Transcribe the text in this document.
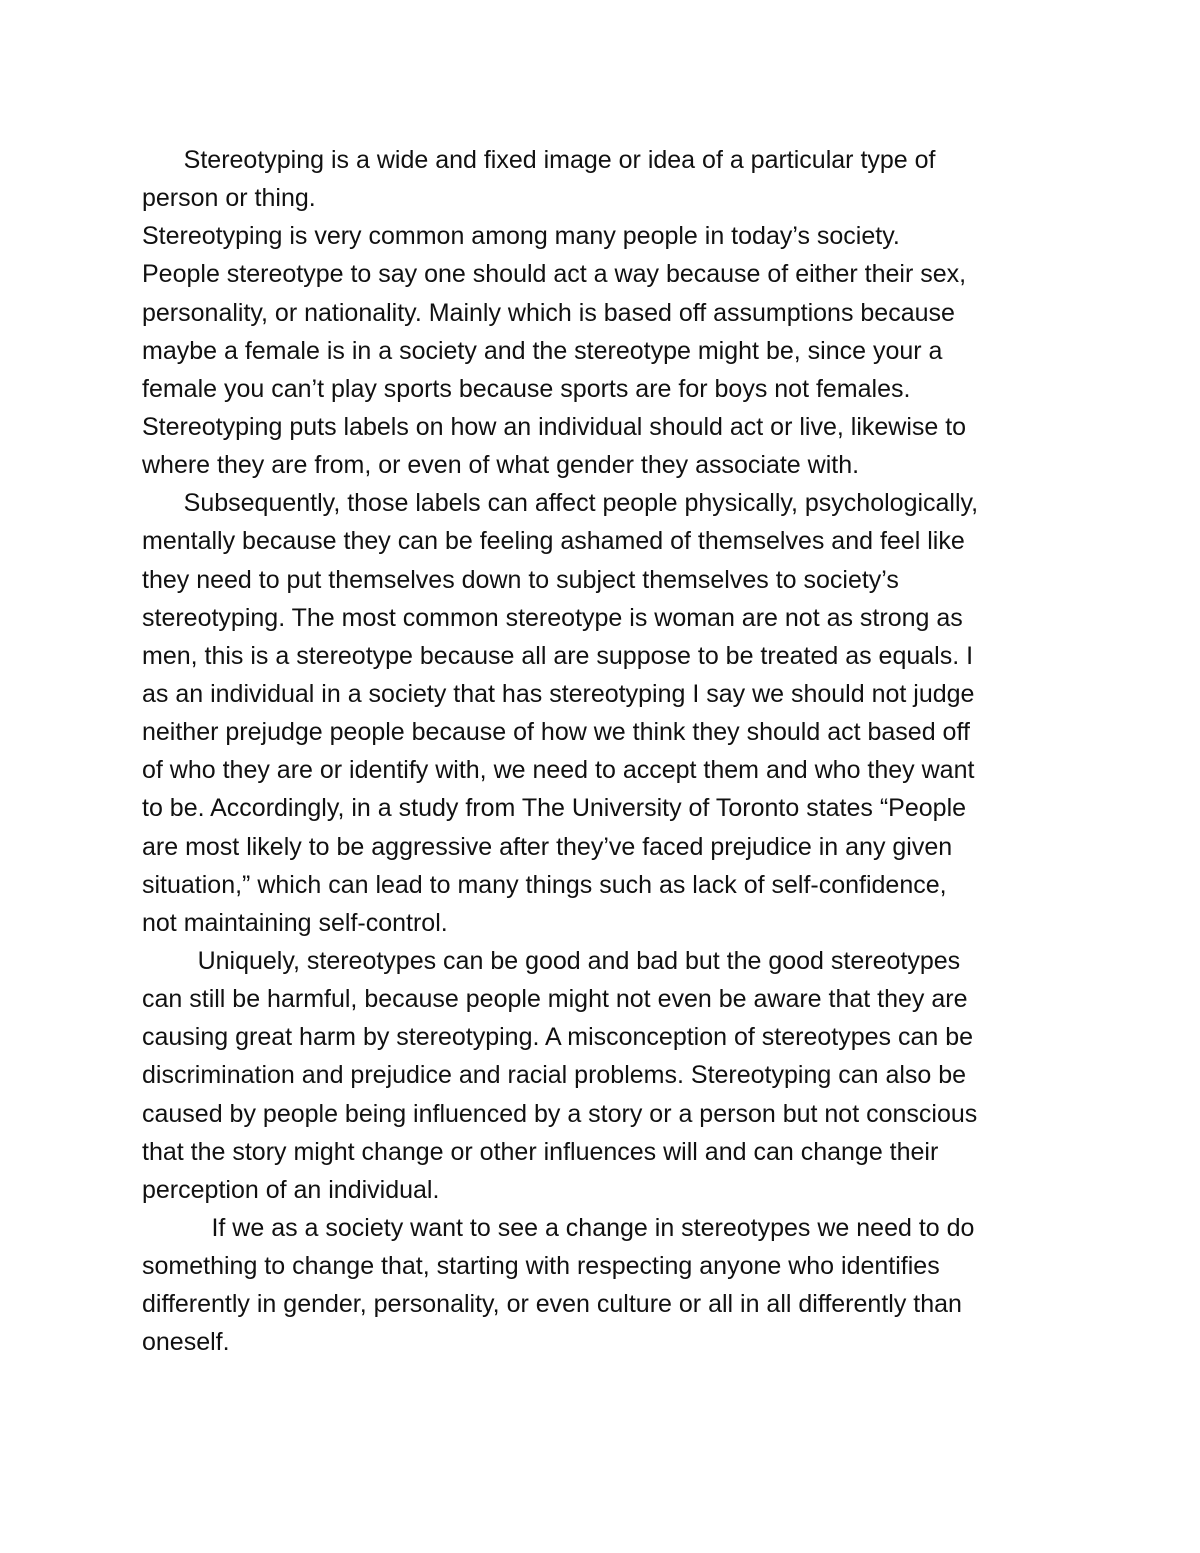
Stereotyping is a wide and fixed image or idea of a particular type of
person or thing.
Stereotyping is very common among many people in today’s society.
People stereotype to say one should act a way because of either their sex,
personality, or nationality. Mainly which is based off assumptions because
maybe a female is in a society and the stereotype might be, since your a
female you can’t play sports because sports are for boys not females.
Stereotyping puts labels on how an individual should act or live, likewise to
where they are from, or even of what gender they associate with.
Subsequently, those labels can affect people physically, psychologically,
mentally because they can be feeling ashamed of themselves and feel like
they need to put themselves down to subject themselves to society’s
stereotyping. The most common stereotype is woman are not as strong as
men, this is a stereotype because all are suppose to be treated as equals. I
as an individual in a society that has stereotyping I say we should not judge
neither prejudge people because of how we think they should act based off
of who they are or identify with, we need to accept them and who they want
to be. Accordingly, in a study from The University of Toronto states “People
are most likely to be aggressive after they’ve faced prejudice in any given
situation,” which can lead to many things such as lack of self-confidence,
not maintaining self-control.
Uniquely, stereotypes can be good and bad but the good stereotypes
can still be harmful, because people might not even be aware that they are
causing great harm by stereotyping. A misconception of stereotypes can be
discrimination and prejudice and racial problems. Stereotyping can also be
caused by people being influenced by a story or a person but not conscious
that the story might change or other influences will and can change their
perception of an individual.
If we as a society want to see a change in stereotypes we need to do
something to change that, starting with respecting anyone who identifies
differently in gender, personality, or even culture or all in all differently than
oneself.
